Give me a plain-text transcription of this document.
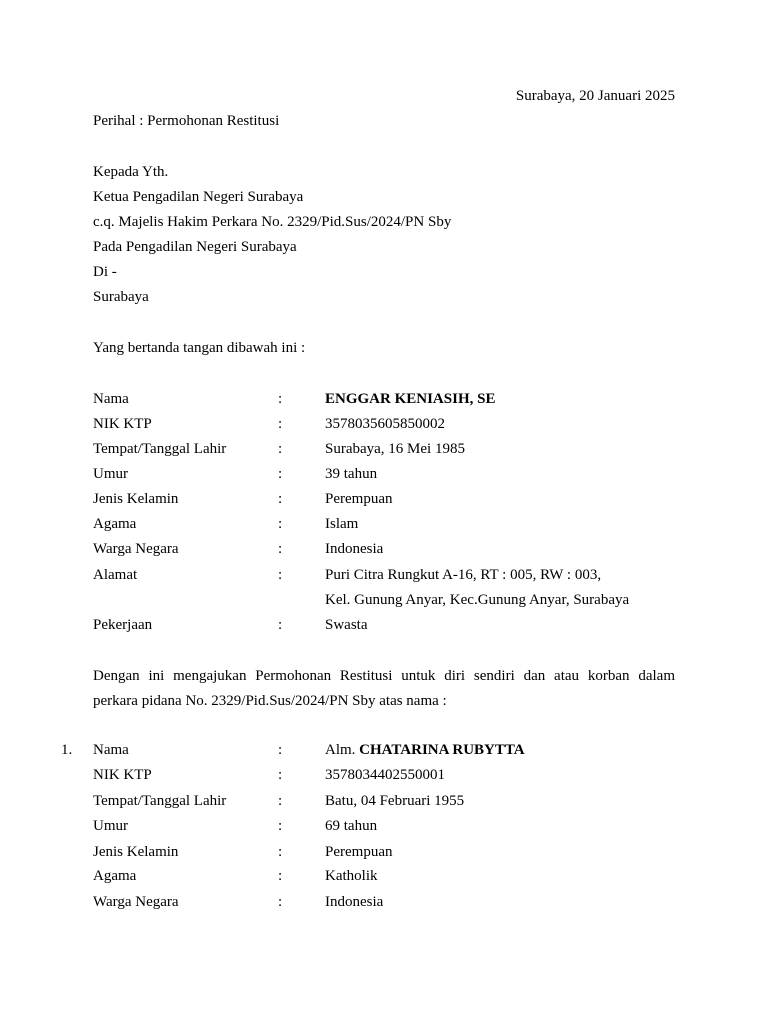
Surabaya, 20 Januari 2025
Perihal : Permohonan Restitusi
Kepada Yth.
Ketua Pengadilan Negeri Surabaya
c.q. Majelis Hakim Perkara No. 2329/Pid.Sus/2024/PN Sby
Pada Pengadilan Negeri Surabaya
Di -
Surabaya
Yang bertanda tangan dibawah ini :
Nama	:	ENGGAR KENIASIH, SE
NIK KTP	:	3578035605850002
Tempat/Tanggal Lahir	:	Surabaya, 16 Mei 1985
Umur	:	39 tahun
Jenis Kelamin	:	Perempuan
Agama	:	Islam
Warga Negara	:	Indonesia
Alamat	:	Puri Citra Rungkut A-16, RT : 005, RW : 003,
Kel. Gunung Anyar, Kec.Gunung Anyar, Surabaya
Pekerjaan	:	Swasta
Dengan ini mengajukan Permohonan Restitusi untuk diri sendiri dan atau korban dalam
perkara pidana No. 2329/Pid.Sus/2024/PN Sby atas nama :
1. Nama	:	Alm. CHATARINA RUBYTTA
NIK KTP	:	3578034402550001
Tempat/Tanggal Lahir	:	Batu, 04 Februari 1955
Umur	:	69 tahun
Jenis Kelamin	:	Perempuan
Agama	:	Katholik
Warga Negara	:	Indonesia
